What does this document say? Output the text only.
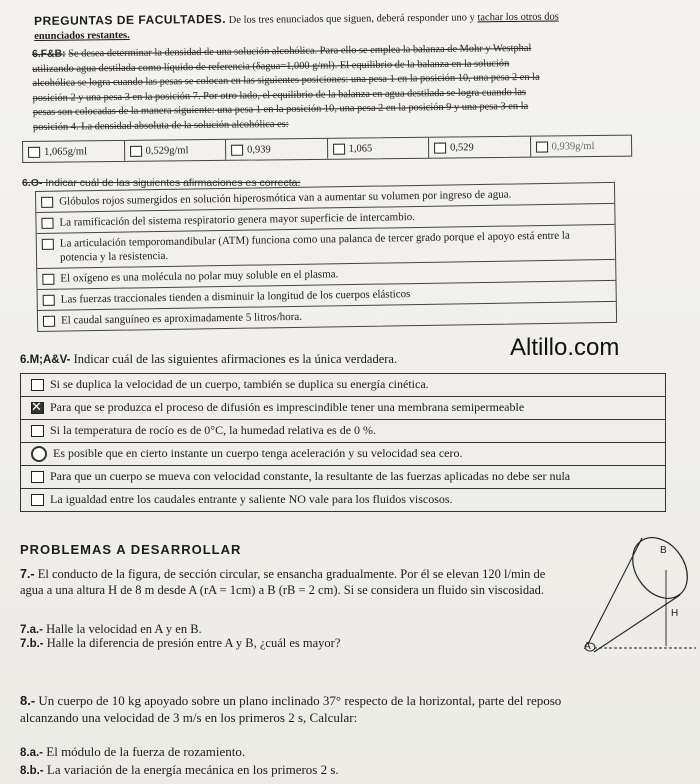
PREGUNTAS DE FACULTADES. De los tres enunciados que siguen, deberá responder uno y tachar los otros dos
enunciados restantes.
6.F&B: Se desea determinar la densidad de una solución alcohólica. Para ello se emplea la balanza de Mohr y Westphal
utilizando agua destilada como líquido de referencia (δagua=1,000 g/ml). El equilibrio de la balanza en la solución
alcohólica se logra cuando las pesas se colocan en las siguientes posiciones: una pesa 1 en la posición 10, una pesa 2 en la
posición 2 y una pesa 3 en la posición 7. Por otro lado, el equilibrio de la balanza en agua destilada se logra cuando las
pesas son colocadas de la manera siguiente: una pesa 1 en la posición 10, una pesa 2 en la posición 9 y una pesa 3 en la
posición 4. La densidad absoluta de la solución alcohólica es:
1,065g/ml	0,529g/ml	0,939	1,065	0,529	0,939g/ml
6.O- Indicar cuál de las siguientes afirmaciones es correcta:
Glóbulos rojos sumergidos en solución hiperosmótica van a aumentar su volumen por ingreso de agua.
La ramificación del sistema respiratorio genera mayor superficie de intercambio.
La articulación temporomandibular (ATM) funciona como una palanca de tercer grado porque el apoyo está entre la potencia y la resistencia.
El oxígeno es una molécula no polar muy soluble en el plasma.
Las fuerzas traccionales tienden a disminuir la longitud de los cuerpos elásticos
El caudal sanguíneo es aproximadamente 5 litros/hora.
Altillo.com
6.M;A&V- Indicar cuál de las siguientes afirmaciones es la única verdadera.
Si se duplica la velocidad de un cuerpo, también se duplica su energía cinética.
✕
Para que se produzca el proceso de difusión es imprescindible tener una membrana semipermeable
Si la temperatura de rocío es de 0°C, la humedad relativa es de 0 %.
Es posible que en cierto instante un cuerpo tenga aceleración y su velocidad sea cero.
Para que un cuerpo se mueva con velocidad constante, la resultante de las fuerzas aplicadas no debe ser nula
La igualdad entre los caudales entrante y saliente NO vale para los fluidos viscosos.
PROBLEMAS A DESARROLLAR
7.- El conducto de la figura, de sección circular, se ensancha gradualmente. Por él se elevan 120 l/min de
agua a una altura H de 8 m desde A (rA = 1cm) a B (rB = 2 cm). Si se considera un fluido sin viscosidad.
7.a.- Halle la velocidad en A y en B.
7.b.- Halle la diferencia de presión entre A y B, ¿cuál es mayor?
B
H
A
8.- Un cuerpo de 10 kg apoyado sobre un plano inclinado 37° respecto de la horizontal, parte del reposo
alcanzando una velocidad de 3 m/s en los primeros 2 s, Calcular:
8.a.- El módulo de la fuerza de rozamiento.
8.b.- La variación de la energía mecánica en los primeros 2 s.
